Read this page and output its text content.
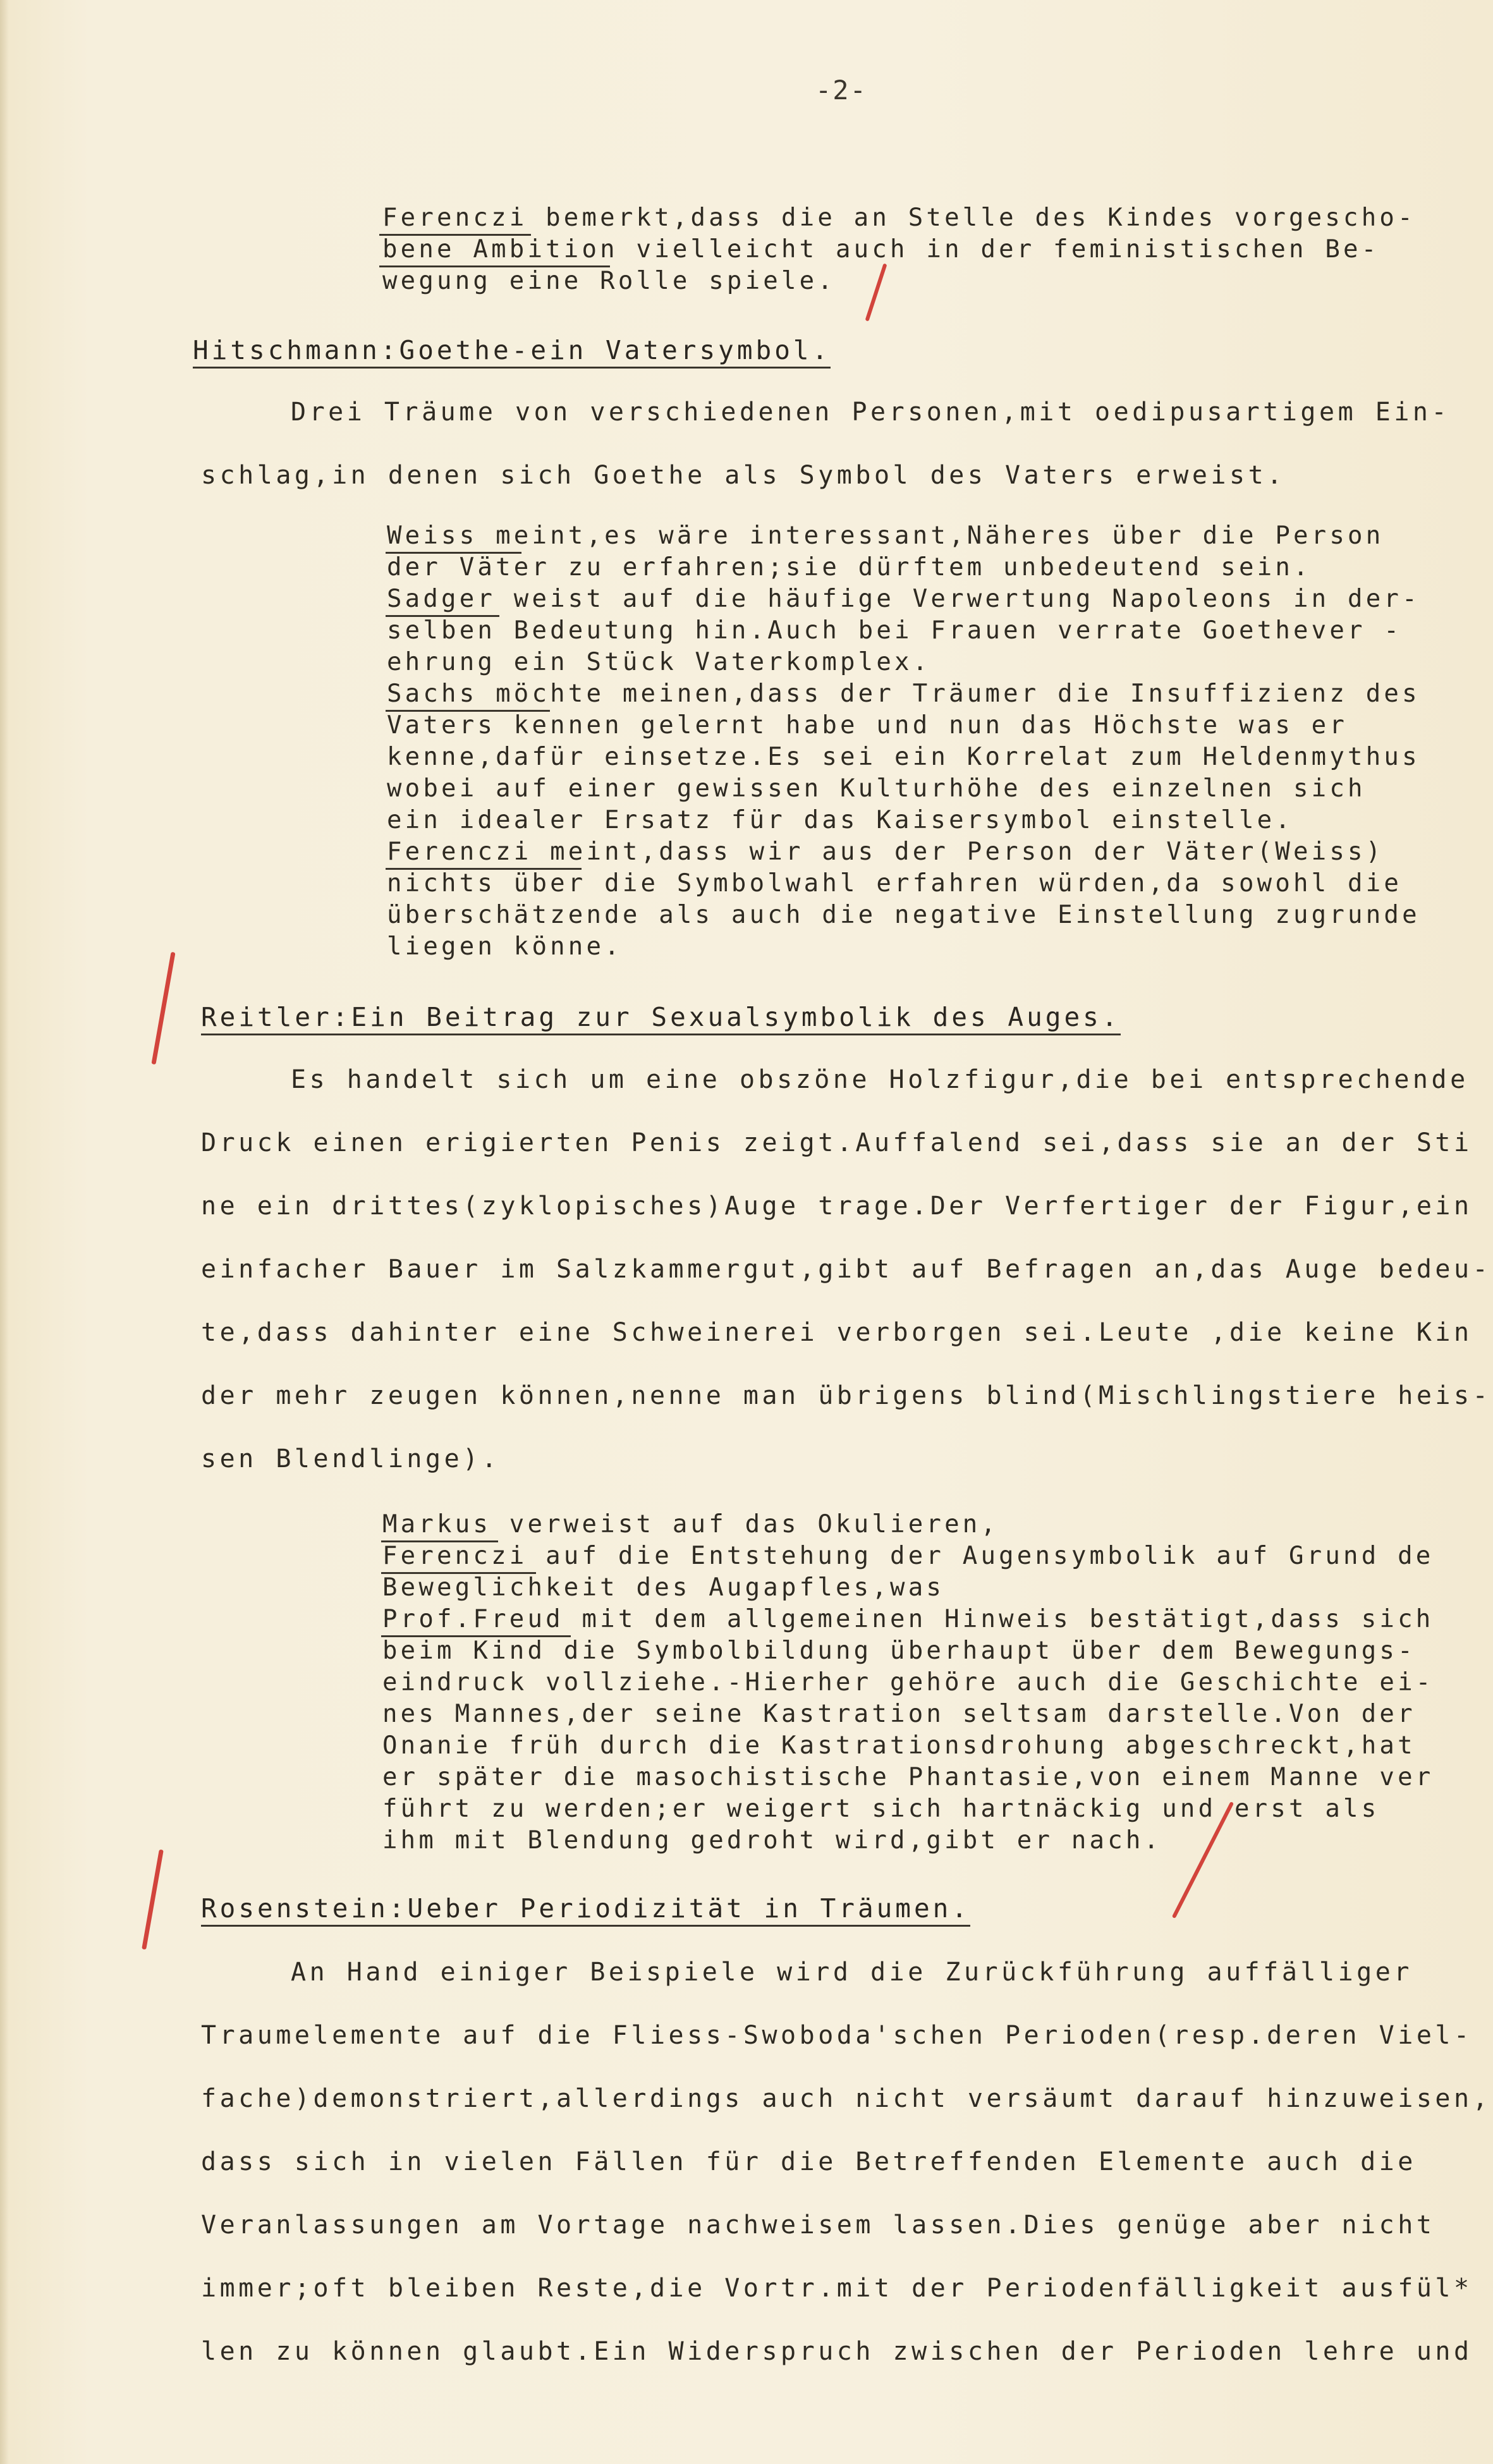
-2-
Ferenczi bemerkt,dass die an Stelle des Kindes vorgescho-
bene Ambition vielleicht auch in der feministischen Be-
wegung eine Rolle spiele.
Hitschmann:Goethe-ein Vatersymbol.
Drei Träume von verschiedenen Personen,mit oedipusartigem Ein-
schlag,in denen sich Goethe als Symbol des Vaters erweist.
Weiss meint,es wäre interessant,Näheres über die Person
der Väter zu erfahren;sie dürftem unbedeutend sein.
Sadger weist auf die häufige Verwertung Napoleons in der-
selben Bedeutung hin.Auch bei Frauen verrate Goethever -
ehrung ein Stück Vaterkomplex.
Sachs möchte meinen,dass der Träumer die Insuffizienz des
Vaters kennen gelernt habe und nun das Höchste was er
kenne,dafür einsetze.Es sei ein Korrelat zum Heldenmythus
wobei auf einer gewissen Kulturhöhe des einzelnen sich
ein idealer Ersatz für das Kaisersymbol einstelle.
Ferenczi meint,dass wir aus der Person der Väter(Weiss)
nichts über die Symbolwahl erfahren würden,da sowohl die
überschätzende als auch die negative Einstellung zugrunde
liegen könne.
Reitler:Ein Beitrag zur Sexualsymbolik des Auges.
Es handelt sich um eine obszöne Holzfigur,die bei entsprechende
Druck einen erigierten Penis zeigt.Auffalend sei,dass sie an der Sti
ne ein drittes(zyklopisches)Auge trage.Der Verfertiger der Figur,ein
einfacher Bauer im Salzkammergut,gibt auf Befragen an,das Auge bedeu-
te,dass dahinter eine Schweinerei verborgen sei.Leute ,die keine Kin
der mehr zeugen können,nenne man übrigens blind(Mischlingstiere heis-
sen Blendlinge).
Markus verweist auf das Okulieren,
Ferenczi auf die Entstehung der Augensymbolik auf Grund de
Beweglichkeit des Augapfles,was
Prof.Freud mit dem allgemeinen Hinweis bestätigt,dass sich
beim Kind die Symbolbildung überhaupt über dem Bewegungs-
eindruck vollziehe.-Hierher gehöre auch die Geschichte ei-
nes Mannes,der seine Kastration seltsam darstelle.Von der
Onanie früh durch die Kastrationsdrohung abgeschreckt,hat
er später die masochistische Phantasie,von einem Manne ver
führt zu werden;er weigert sich hartnäckig und erst als
ihm mit Blendung gedroht wird,gibt er nach.
Rosenstein:Ueber Periodizität in Träumen.
An Hand einiger Beispiele wird die Zurückführung auffälliger
Traumelemente auf die Fliess-Swoboda'schen Perioden(resp.deren Viel-
fache)demonstriert,allerdings auch nicht versäumt darauf hinzuweisen,
dass sich in vielen Fällen für die Betreffenden Elemente auch die
Veranlassungen am Vortage nachweisem lassen.Dies genüge aber nicht
immer;oft bleiben Reste,die Vortr.mit der Periodenfälligkeit ausfül*
len zu können glaubt.Ein Widerspruch zwischen der Perioden lehre und
